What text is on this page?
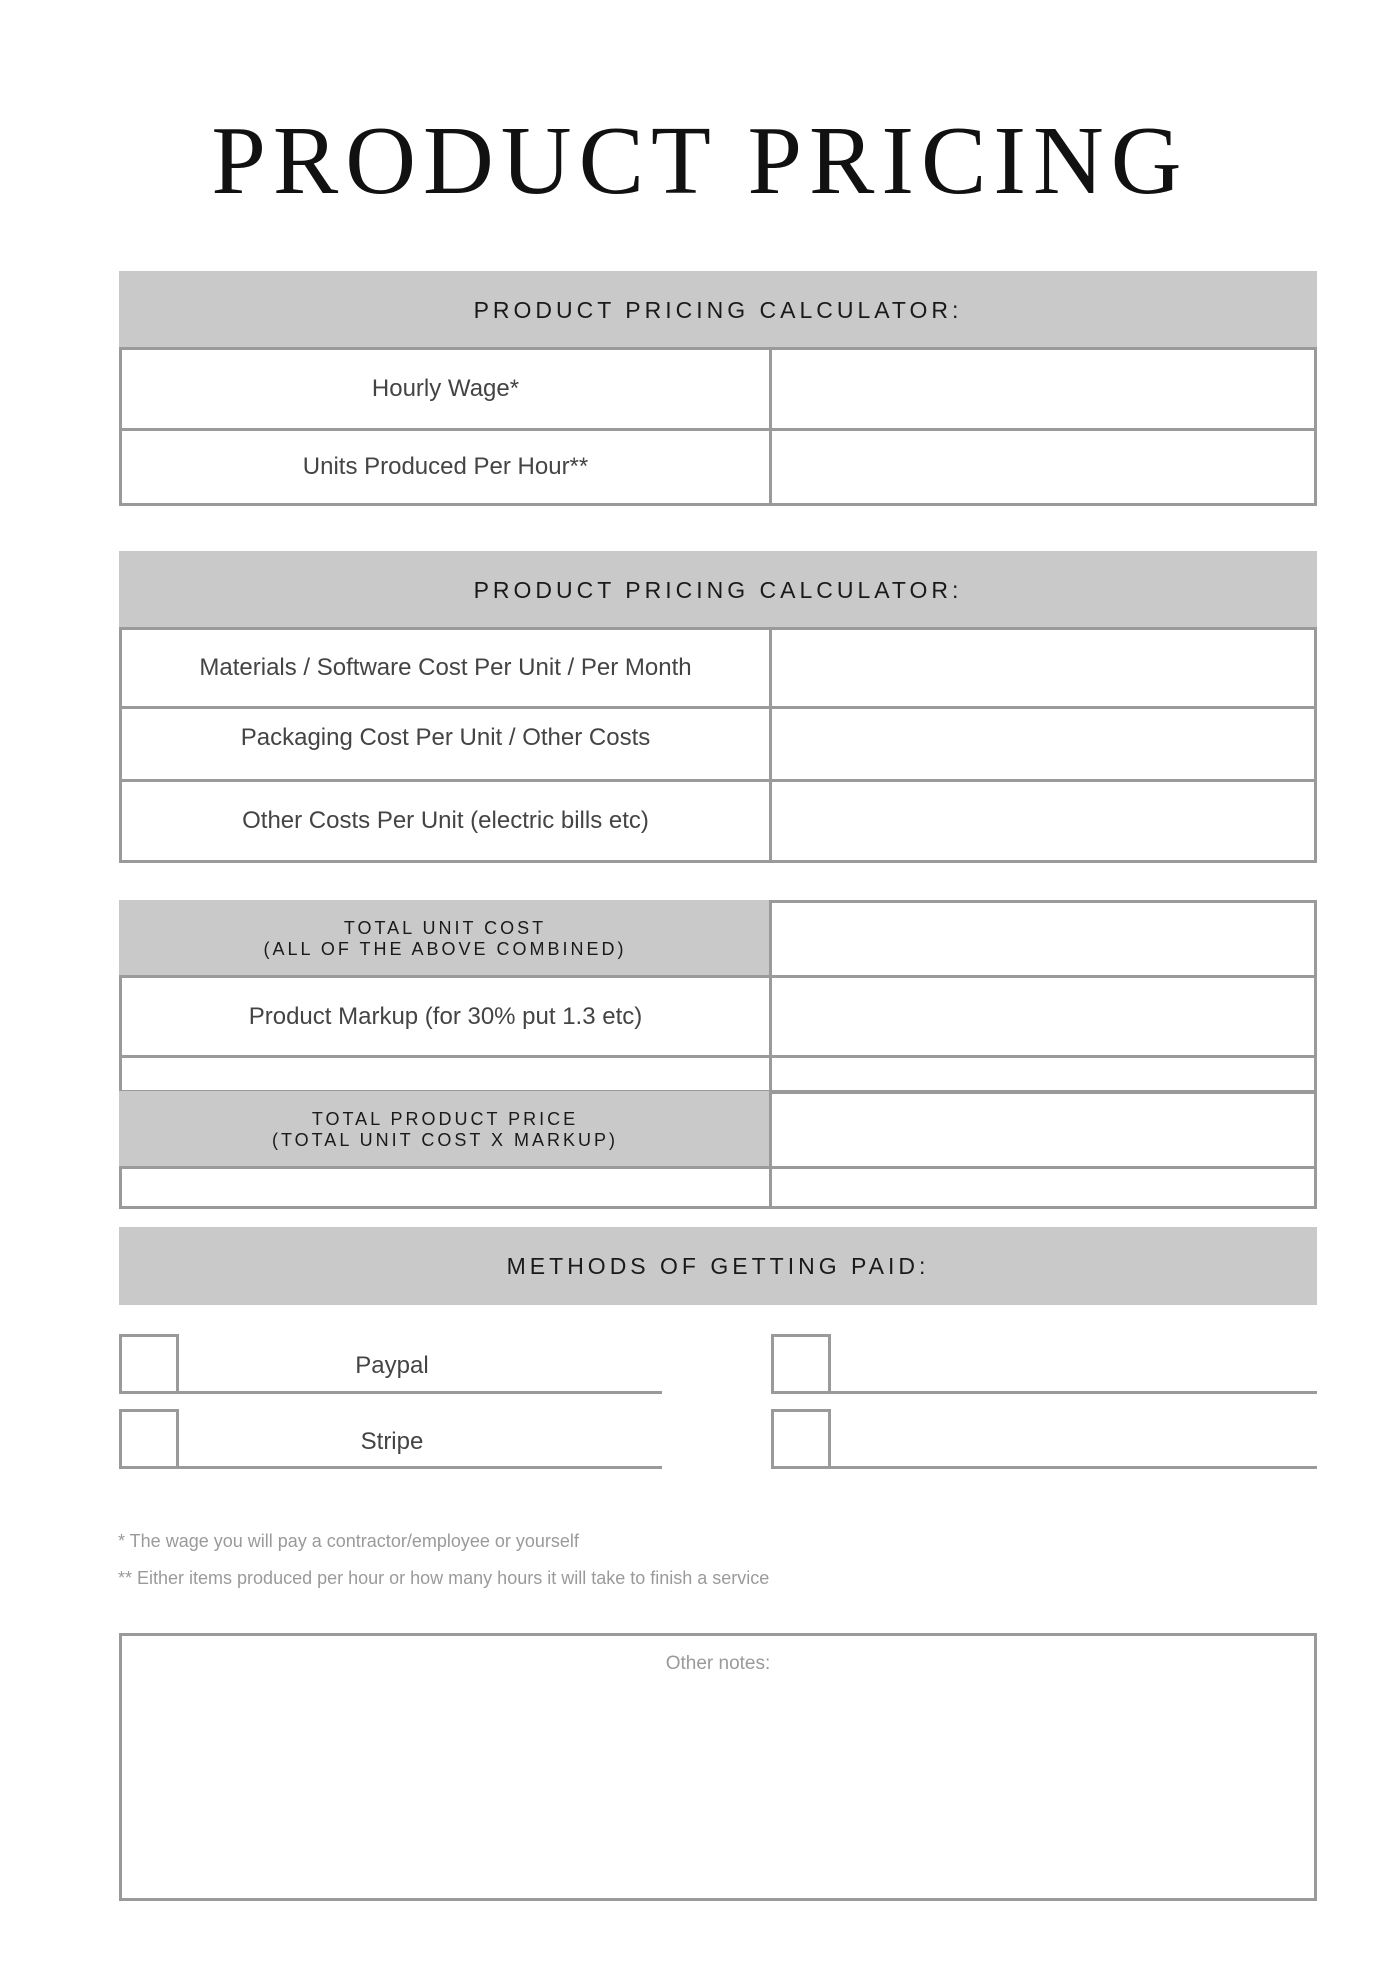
PRODUCT PRICING
PRODUCT PRICING CALCULATOR:
Hourly Wage*
Units Produced Per Hour**
PRODUCT PRICING CALCULATOR:
Materials / Software Cost Per Unit / Per Month
Packaging Cost Per Unit / Other Costs
Other Costs Per Unit (electric bills etc)
TOTAL UNIT COST
(ALL OF THE ABOVE COMBINED)
Product Markup (for 30% put 1.3 etc)
TOTAL PRODUCT PRICE
(TOTAL UNIT COST X MARKUP)
METHODS OF GETTING PAID:
Paypal
Stripe
* The wage you will pay a contractor/employee or yourself
** Either items produced per hour or how many hours it will take to finish a service
Other notes:
